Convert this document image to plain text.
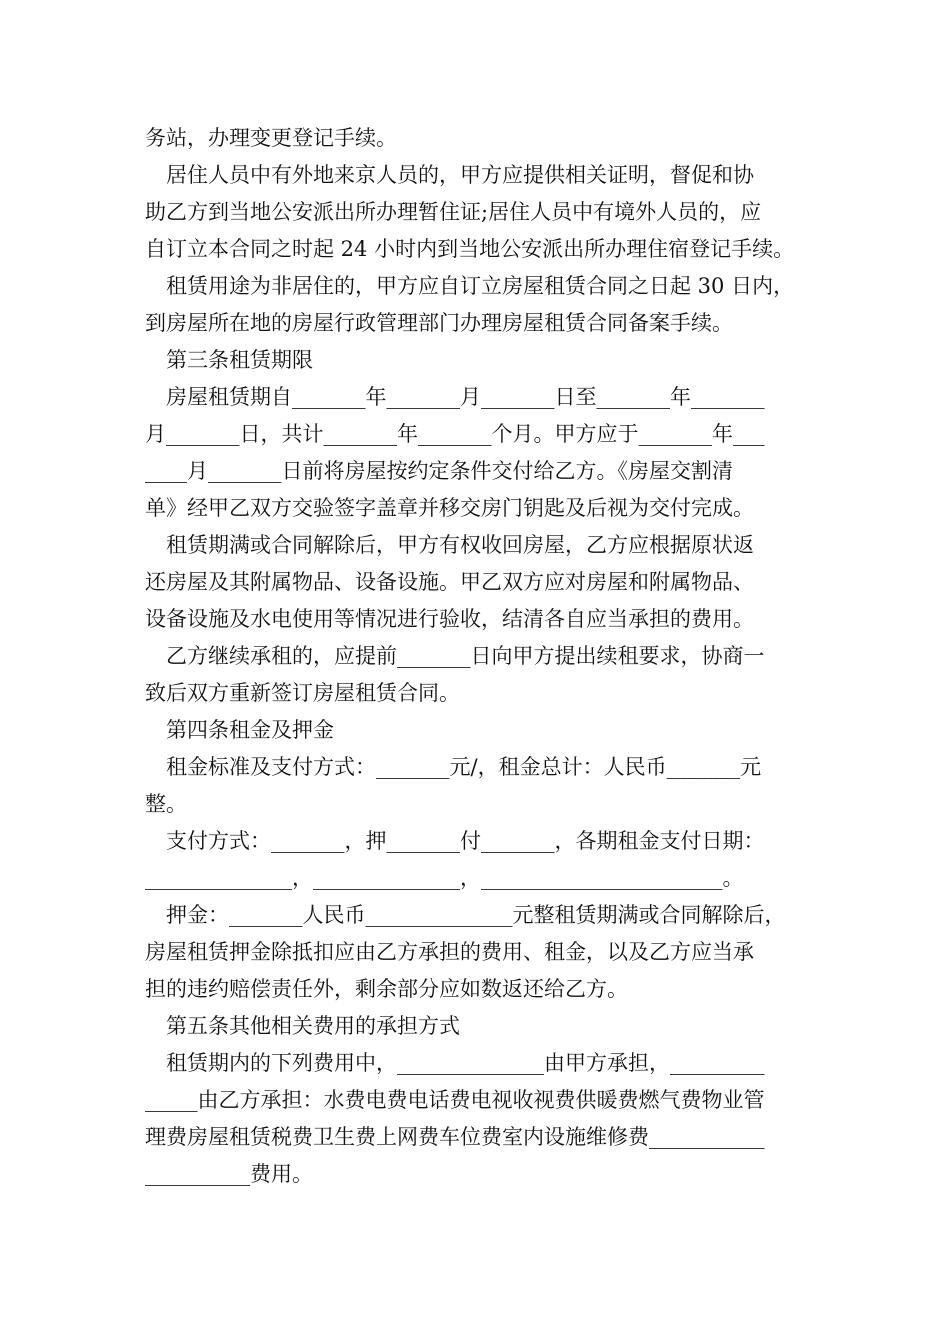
务站，办理变更登记手续。
居住人员中有外地来京人员的，甲方应提供相关证明，督促和协
助乙方到当地公安派出所办理暂住证;居住人员中有境外人员的，应
自订立本合同之时起 24 小时内到当地公安派出所办理住宿登记手续。
租赁用途为非居住的，甲方应自订立房屋租赁合同之日起 30 日内，
到房屋所在地的房屋行政管理部门办理房屋租赁合同备案手续。
第三条租赁期限
房屋租赁期自_______年_______月_______日至_______年_______
月_______日，共计_______年_______个月。甲方应于_______年___
____月_______日前将房屋按约定条件交付给乙方。《房屋交割清
单》经甲乙双方交验签字盖章并移交房门钥匙及后视为交付完成。
租赁期满或合同解除后，甲方有权收回房屋，乙方应根据原状返
还房屋及其附属物品、设备设施。甲乙双方应对房屋和附属物品、
设备设施及水电使用等情况进行验收，结清各自应当承担的费用。
乙方继续承租的，应提前_______日向甲方提出续租要求，协商一
致后双方重新签订房屋租赁合同。
第四条租金及押金
租金标准及支付方式：_______元/，租金总计：人民币_______元
整。
支付方式：_______，押_______付_______，各期租金支付日期：
______________，______________，_______________________。
押金：_______人民币______________元整租赁期满或合同解除后，
房屋租赁押金除抵扣应由乙方承担的费用、租金，以及乙方应当承
担的违约赔偿责任外，剩余部分应如数返还给乙方。
第五条其他相关费用的承担方式
租赁期内的下列费用中，______________由甲方承担，_________
_____由乙方承担：水费电费电话费电视收视费供暖费燃气费物业管
理费房屋租赁税费卫生费上网费车位费室内设施维修费___________
__________费用。
